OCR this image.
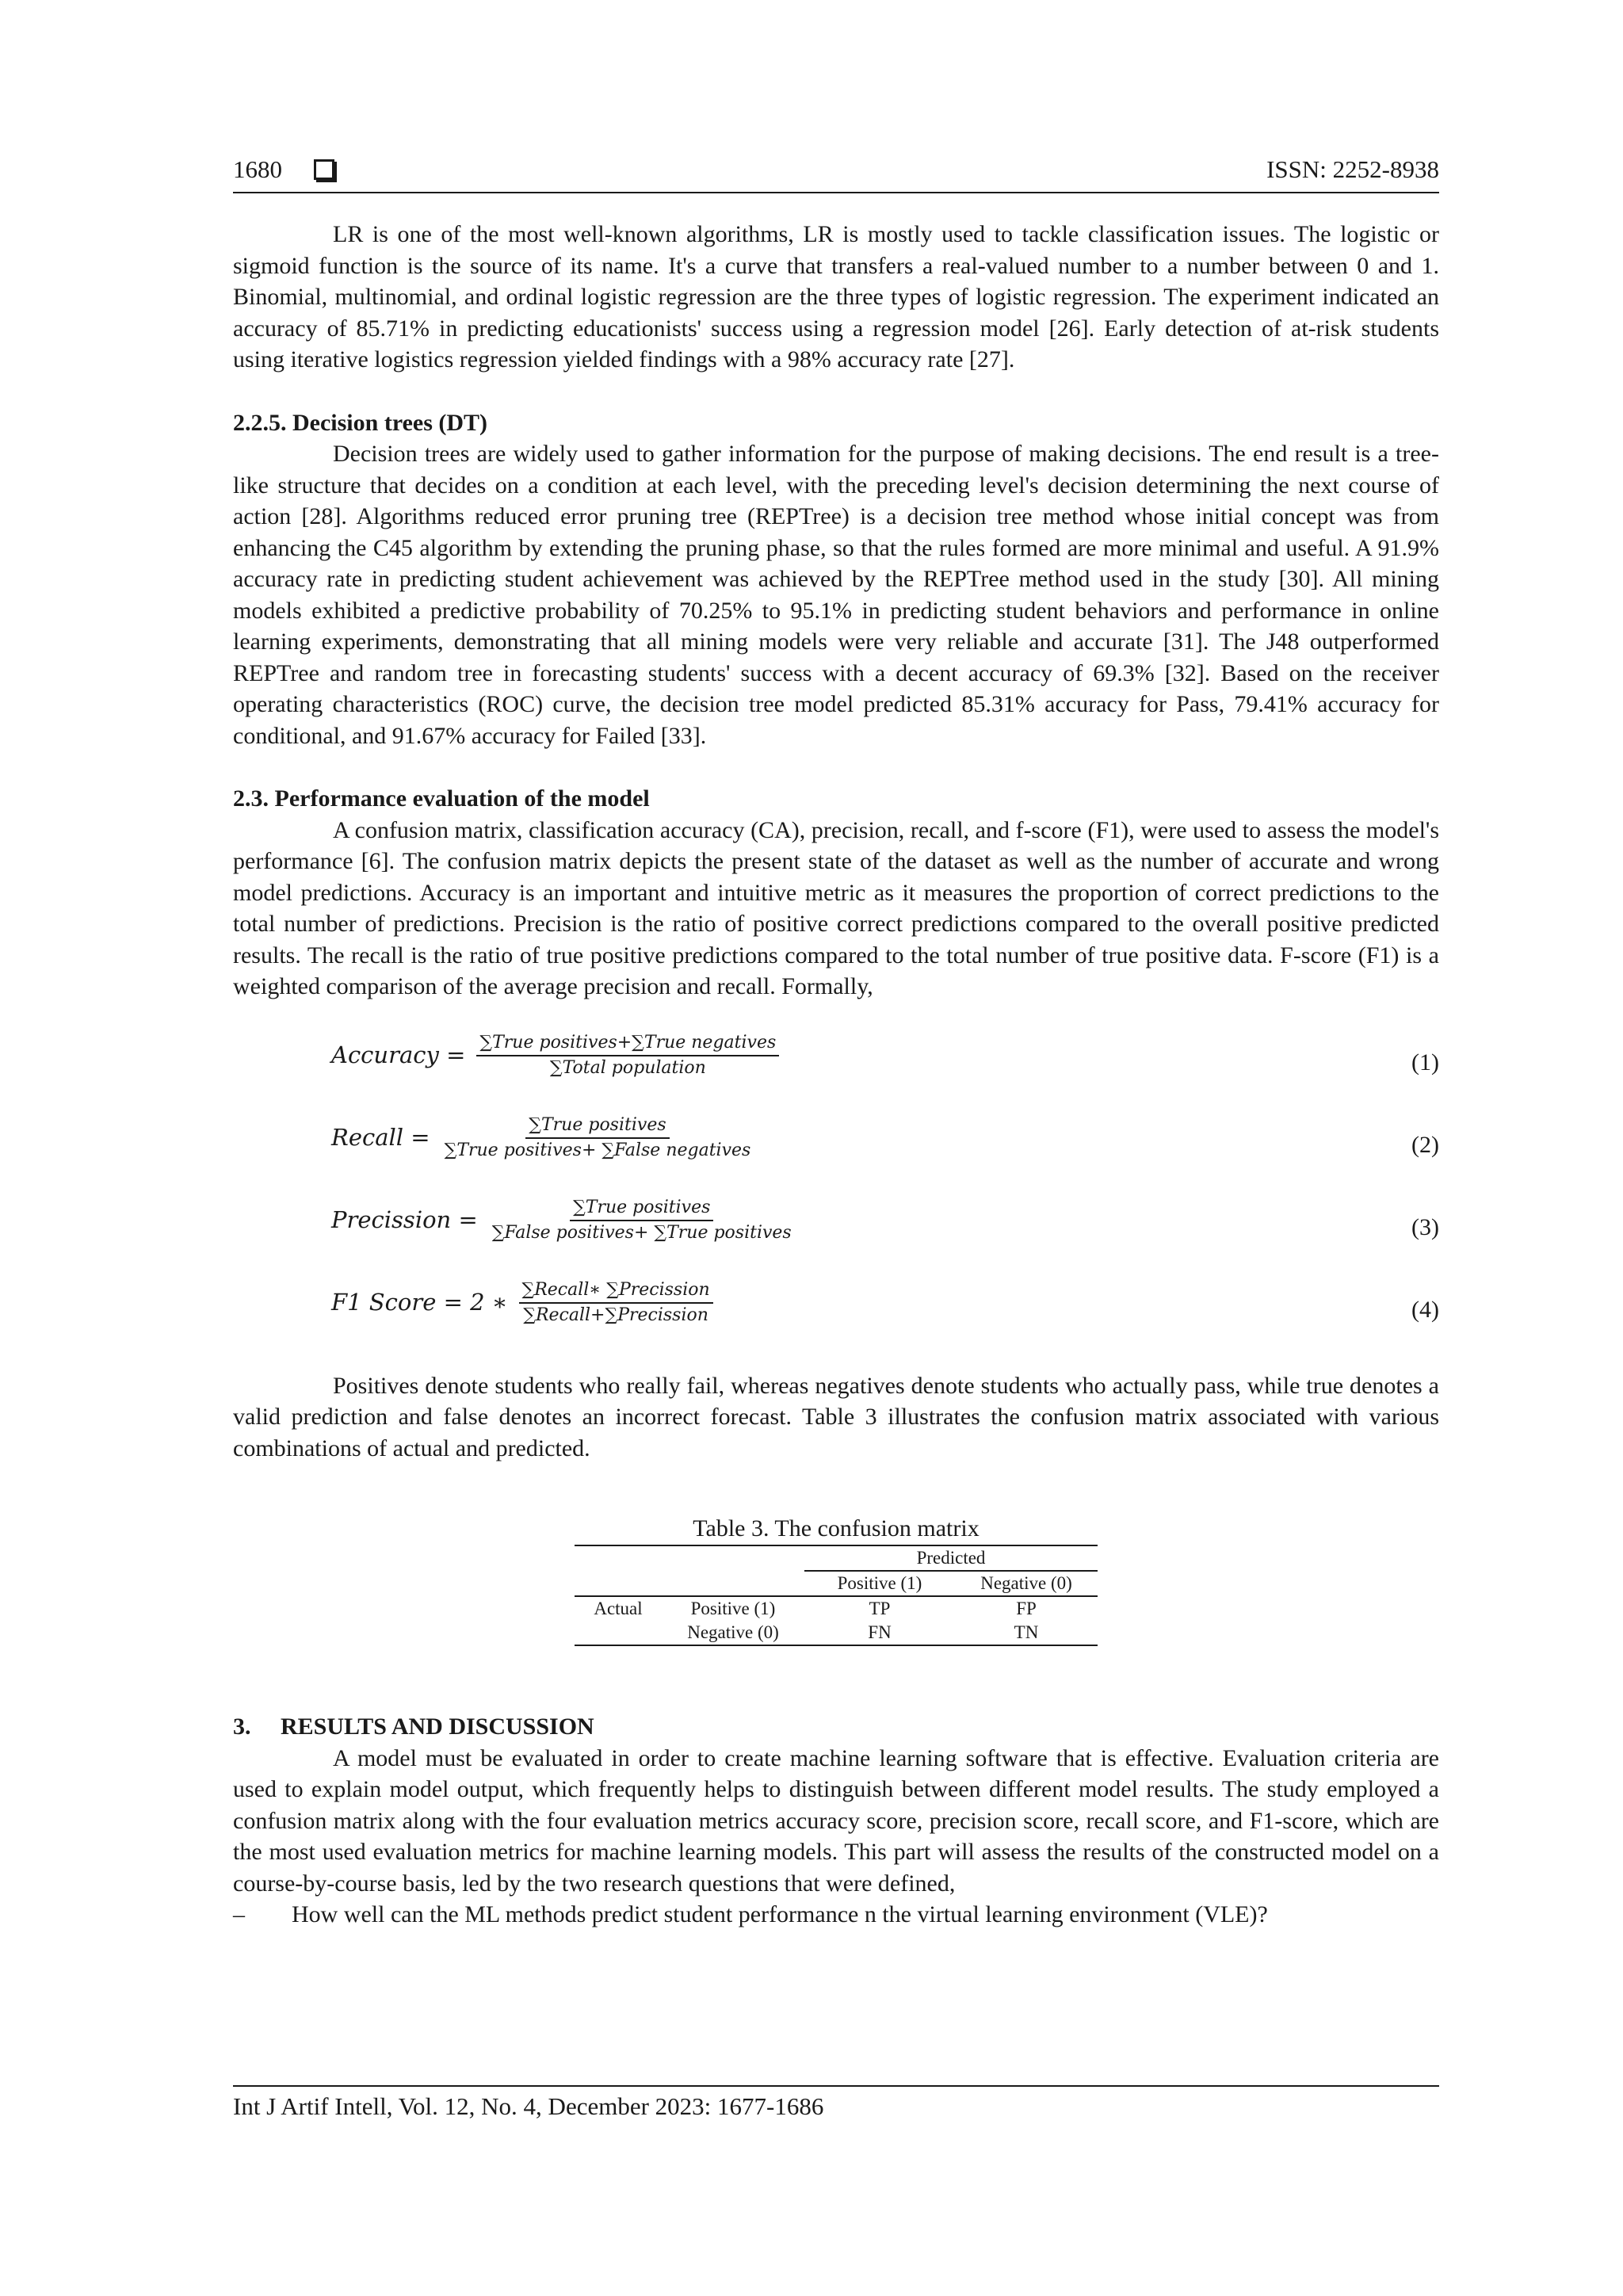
1680	ISSN: 2252-8938

LR is one of the most well-known algorithms, LR is mostly used to tackle classification issues. The logistic or sigmoid function is the source of its name. It's a curve that transfers a real-valued number to a number between 0 and 1. Binomial, multinomial, and ordinal logistic regression are the three types of logistic regression. The experiment indicated an accuracy of 85.71% in predicting educationists' success using a regression model [26]. Early detection of at-risk students using iterative logistics regression yielded findings with a 98% accuracy rate [27].

2.2.5. Decision trees (DT)

Decision trees are widely used to gather information for the purpose of making decisions. The end result is a tree-like structure that decides on a condition at each level, with the preceding level's decision determining the next course of action [28]. Algorithms reduced error pruning tree (REPTree) is a decision tree method whose initial concept was from enhancing the C45 algorithm by extending the pruning phase, so that the rules formed are more minimal and useful. A 91.9% accuracy rate in predicting student achievement was achieved by the REPTree method used in the study [30]. All mining models exhibited a predictive probability of 70.25% to 95.1% in predicting student behaviors and performance in online learning experiments, demonstrating that all mining models were very reliable and accurate [31]. The J48 outperformed REPTree and random tree in forecasting students' success with a decent accuracy of 69.3% [32]. Based on the receiver operating characteristics (ROC) curve, the decision tree model predicted 85.31% accuracy for Pass, 79.41% accuracy for conditional, and 91.67% accuracy for Failed [33].

2.3. Performance evaluation of the model

A confusion matrix, classification accuracy (CA), precision, recall, and f-score (F1), were used to assess the model's performance [6]. The confusion matrix depicts the present state of the dataset as well as the number of accurate and wrong model predictions. Accuracy is an important and intuitive metric as it measures the proportion of correct predictions to the total number of predictions. Precision is the ratio of positive correct predictions compared to the overall positive predicted results. The recall is the ratio of true positive predictions compared to the total number of true positive data. F-score (F1) is a weighted comparison of the average precision and recall. Formally,

Accuracy = $\frac{\text{∑True positives+∑True negatives}}{\text{∑Total population}}$	(1)
Recall = $\frac{\text{∑True positives}}{\text{∑True positives+ ∑False negatives}}$	(2)
Precission = $\frac{\text{∑True positives}}{\text{∑False positives+ ∑True positives}}$	(3)
F1 Score = 2 ∗ $\frac{\text{∑Recall∗ ∑Precission}}{\text{∑Recall+∑Precission}}$	(4)

Positives denote students who really fail, whereas negatives denote students who actually pass, while true denotes a valid prediction and false denotes an incorrect forecast. Table 3 illustrates the confusion matrix associated with various combinations of actual and predicted.

Table 3. The confusion matrix
		Predicted	
		Positive (1)	Negative (0)
Actual	Positive (1)	TP	FP
	Negative (0)	FN	TN
3.     RESULTS AND DISCUSSION

A model must be evaluated in order to create machine learning software that is effective. Evaluation criteria are used to explain model output, which frequently helps to distinguish between different model results. The study employed a confusion matrix along with the four evaluation metrics accuracy score, precision score, recall score, and F1-score, which are the most used evaluation metrics for machine learning models. This part will assess the results of the constructed model on a course-by-course basis, led by the two research questions that were defined,

–	How well can the ML methods predict student performance n the virtual learning environment (VLE)?
Int J Artif Intell, Vol. 12, No. 4, December 2023: 1677-1686
